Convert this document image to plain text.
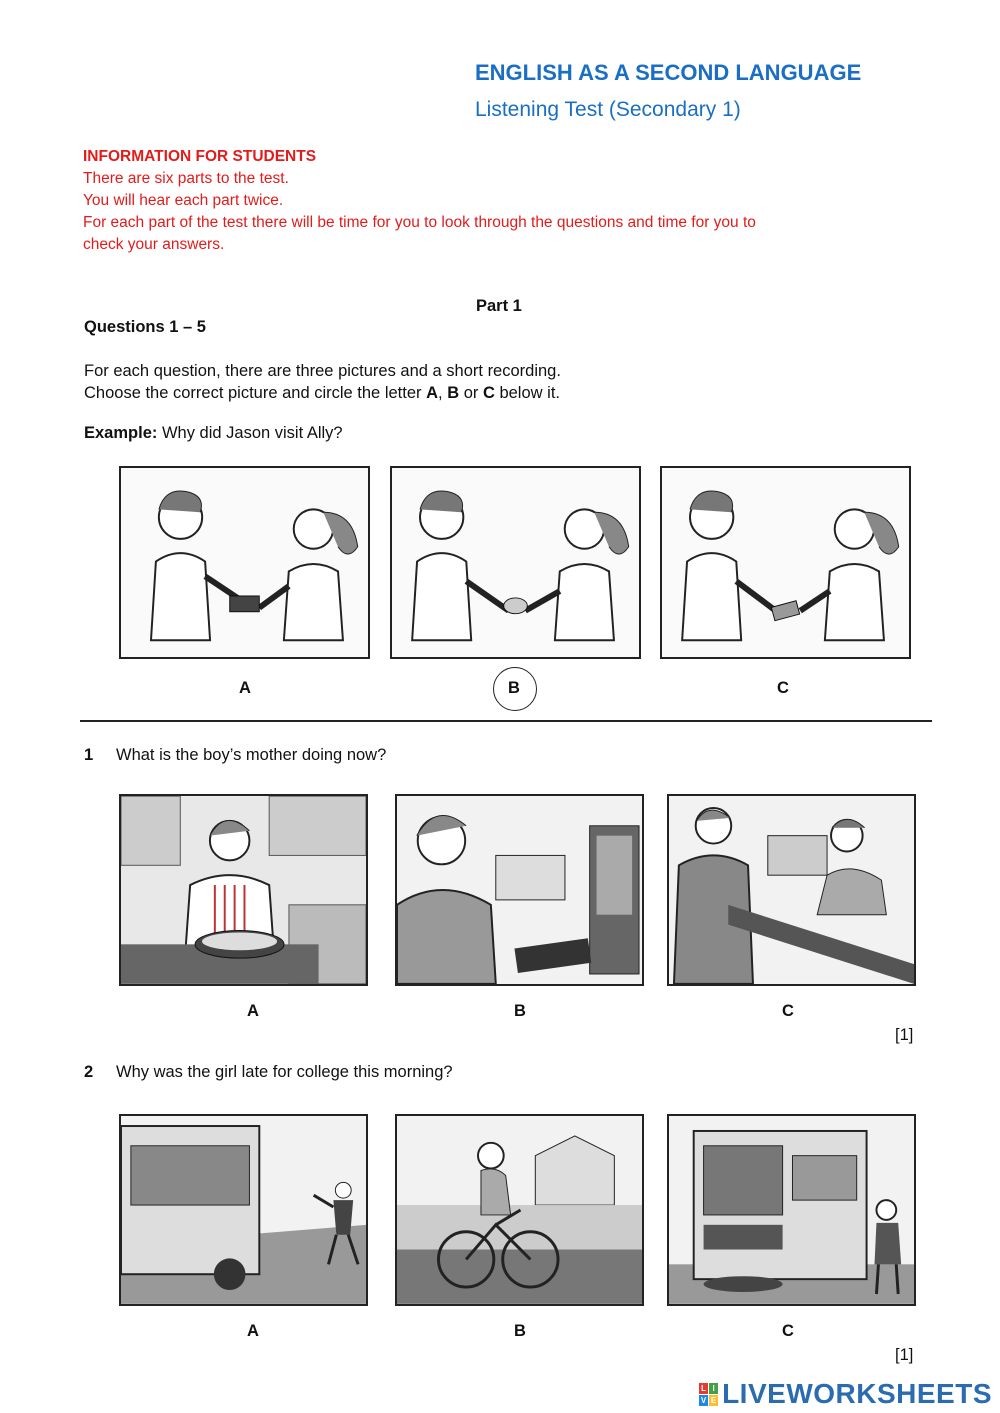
ENGLISH AS A SECOND LANGUAGE
Listening Test (Secondary 1)
INFORMATION FOR STUDENTS
There are six parts to the test.
You will hear each part twice.
For each part of the test there will be time for you to look through the questions and time for you to
check your answers.
Part 1
Questions 1 – 5
For each question, there are three pictures and a short recording.
Choose the correct picture and circle the letter A, B or C below it.
Example: Why did Jason visit Ally?
A	B	C
1 What is the boy’s mother doing now?
A	B	C
[1]
2 Why was the girl late for college this morning?
A	B	C
[1]
L I
V E LIVEWORKSHEETS
